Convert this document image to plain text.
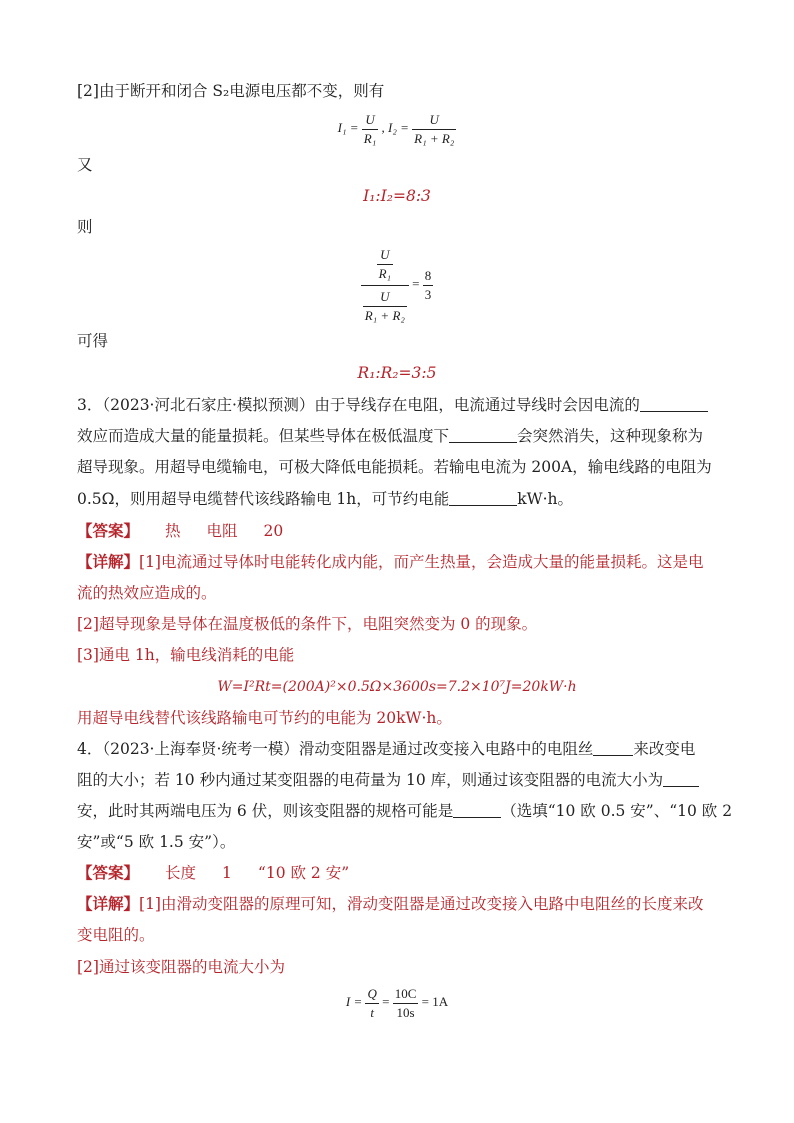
[2]由于断开和闭合 S₂电源电压都不变，则有
$I_1 = \frac{U}{\text{R₁}}$ , $I_2 = \frac{U}{\text{R₁ + R₂}}$
又
I₁:I₂=8:3
则
$\frac{\frac{U}{\text{R₁}}}{\frac{U}{\text{R₁ + R₂}}} = \frac{8}{3}$
可得
R₁:R₂=3:5
3．（2023·河北石家庄·模拟预测）由于导线存在电阻，电流通过导线时会因电流的
效应而造成大量的能量损耗。但某些导体在极低温度下	会突然消失，这种现象称为
超导现象。用超导电缆输电，可极大降低电能损耗。若输电电流为 200A，输电线路的电阻为
0.5Ω，则用超导电缆替代该线路输电 1h，可节约电能	kW·h。
【答案】 热 电阻 20
【详解】[1]电流通过导体时电能转化成内能，而产生热量，会造成大量的能量损耗。这是电
流的热效应造成的。
[2]超导现象是导体在温度极低的条件下，电阻突然变为 0 的现象。
[3]通电 1h，输电线消耗的电能
W=I²Rt=(200A)²×0.5Ω×3600s=7.2×10⁷J=20kW·h
用超导电线替代该线路输电可节约的电能为 20kW·h。
4．（2023·上海奉贤·统考一模）滑动变阻器是通过改变接入电路中的电阻丝	来改变电
阻的大小；若 10 秒内通过某变阻器的电荷量为 10 库，则通过该变阻器的电流大小为
安，此时其两端电压为 6 伏，则该变阻器的规格可能是	（选填“10 欧 0.5 安”、“10 欧 2
安”或“5 欧 1.5 安”）。
【答案】 长度 1 “10 欧 2 安”
【详解】[1]由滑动变阻器的原理可知，滑动变阻器是通过改变接入电路中电阻丝的长度来改
变电阻的。
[2]通过该变阻器的电流大小为
$I = \frac{Q}{t} = \frac{10C}{10s} = 1A$
